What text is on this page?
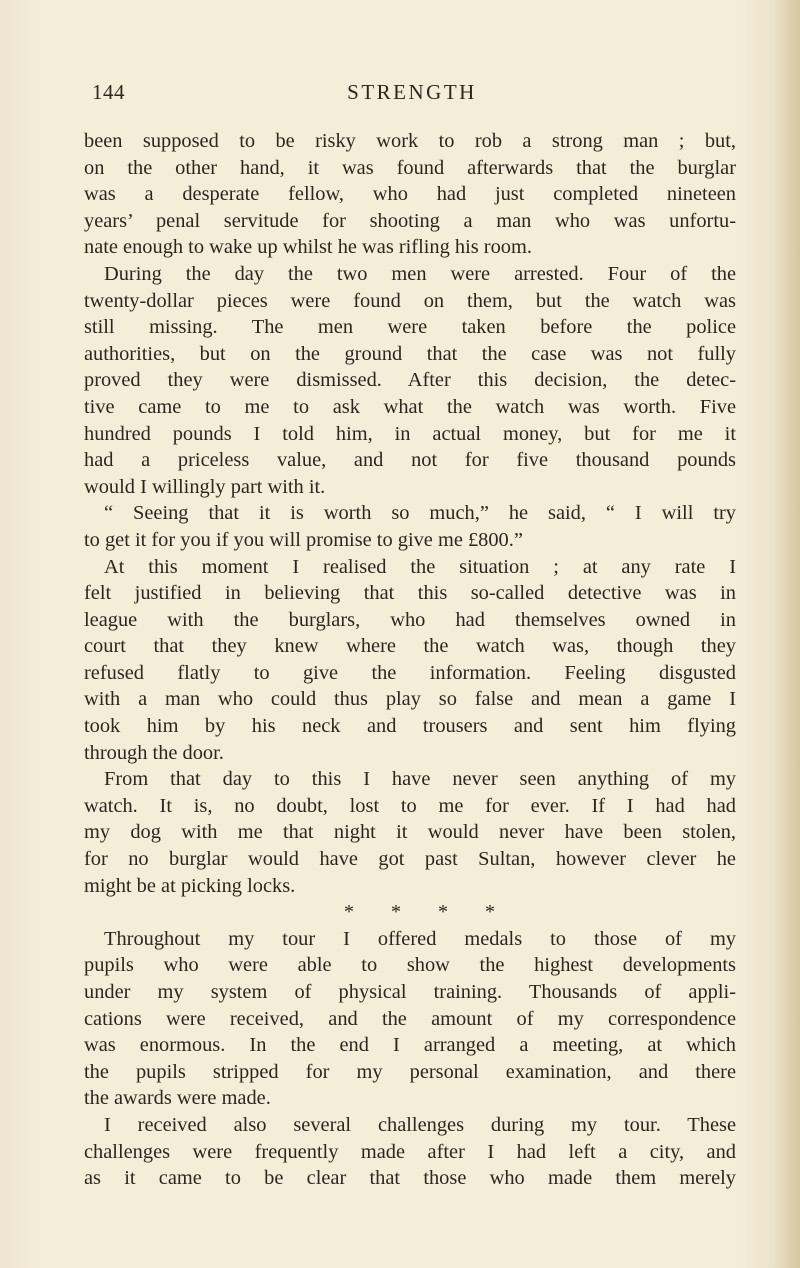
144	STRENGTH
been supposed to be risky work to rob a strong man ; but,
on the other hand, it was found afterwards that the burglar
was a desperate fellow, who had just completed nineteen
years’ penal servitude for shooting a man who was unfortu-
nate enough to wake up whilst he was rifling his room.
During the day the two men were arrested. Four of the
twenty-dollar pieces were found on them, but the watch was
still missing. The men were taken before the police
authorities, but on the ground that the case was not fully
proved they were dismissed. After this decision, the detec-
tive came to me to ask what the watch was worth. Five
hundred pounds I told him, in actual money, but for me it
had a priceless value, and not for five thousand pounds
would I willingly part with it.
“ Seeing that it is worth so much,” he said, “ I will try
to get it for you if you will promise to give me £800.”
At this moment I realised the situation ; at any rate I
felt justified in believing that this so-called detective was in
league with the burglars, who had themselves owned in
court that they knew where the watch was, though they
refused flatly to give the information. Feeling disgusted
with a man who could thus play so false and mean a game I
took him by his neck and trousers and sent him flying
through the door.
From that day to this I have never seen anything of my
watch. It is, no doubt, lost to me for ever. If I had had
my dog with me that night it would never have been stolen,
for no burglar would have got past Sultan, however clever he
might be at picking locks.
* * * *
Throughout my tour I offered medals to those of my
pupils who were able to show the highest developments
under my system of physical training. Thousands of appli-
cations were received, and the amount of my correspondence
was enormous. In the end I arranged a meeting, at which
the pupils stripped for my personal examination, and there
the awards were made.
I received also several challenges during my tour. These
challenges were frequently made after I had left a city, and
as it came to be clear that those who made them merely
